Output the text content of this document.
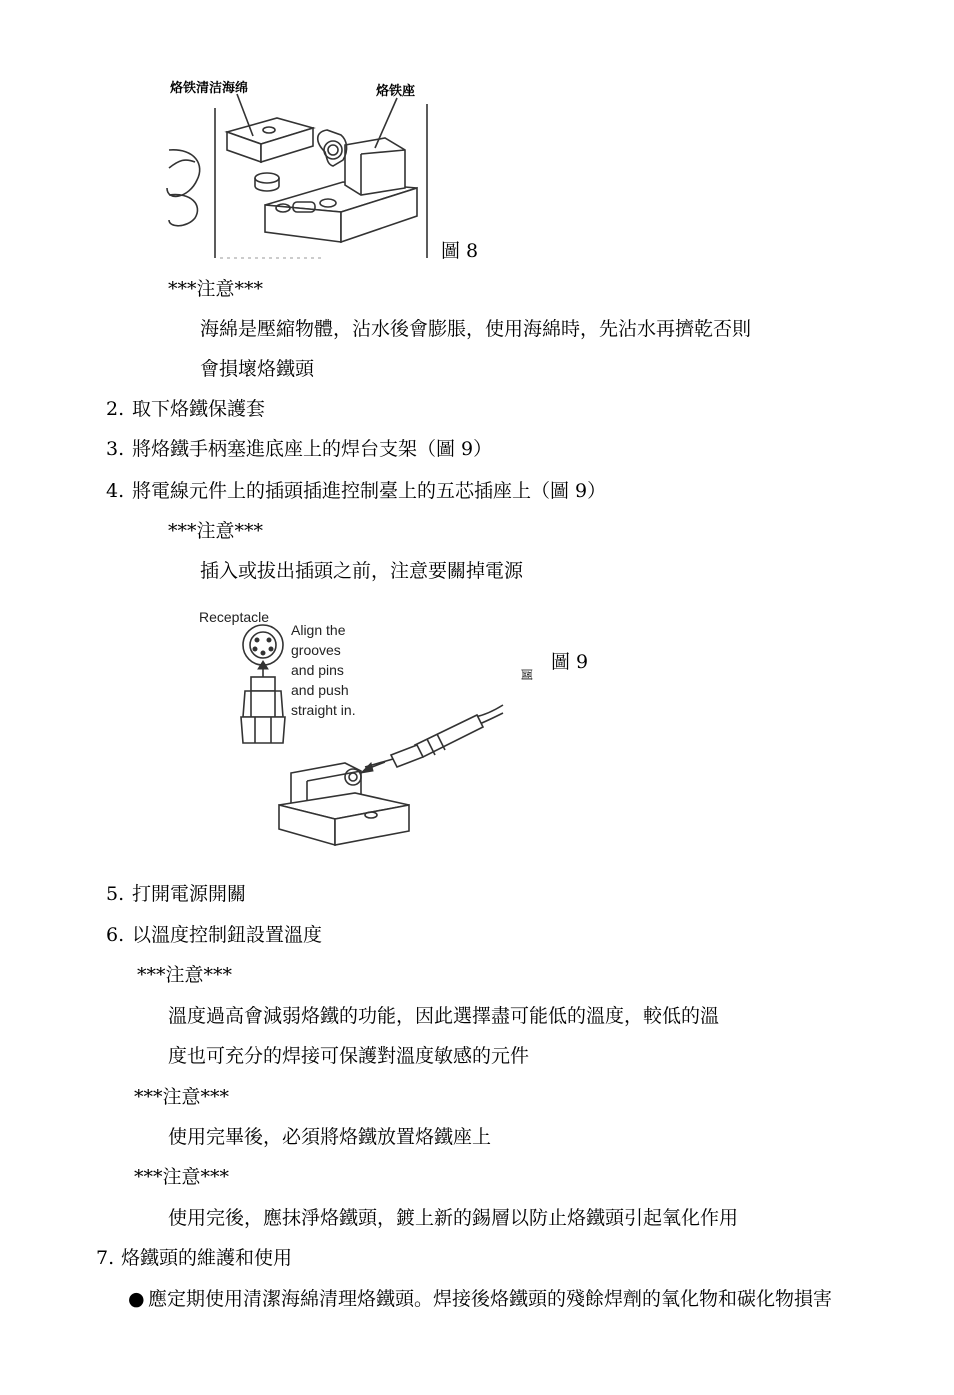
烙铁清洁海绵	烙铁座
圖 8
***注意***
海綿是壓縮物體，沾水後會膨脹，使用海綿時，先沾水再擠乾否則
會損壞烙鐵頭
2. 取下烙鐵保護套
3. 將烙鐵手柄塞進底座上的焊台支架（圖 9）
4. 將電線元件上的插頭插進控制臺上的五芯插座上（圖 9）
***注意***
插入或拔出插頭之前，注意要關掉電源
Receptacle
Align the
grooves
and pins
and push
straight in.
圖
圖 9
5. 打開電源開關
6. 以溫度控制鈕設置溫度
***注意***
溫度過高會減弱烙鐵的功能，因此選擇盡可能低的溫度，較低的溫
度也可充分的焊接可保護對溫度敏感的元件
***注意***
使用完畢後，必須將烙鐵放置烙鐵座上
***注意***
使用完後，應抹淨烙鐵頭，鍍上新的錫層以防止烙鐵頭引起氧化作用
7. 烙鐵頭的維護和使用
● 應定期使用清潔海綿清理烙鐵頭。焊接後烙鐵頭的殘餘焊劑的氧化物和碳化物損害
